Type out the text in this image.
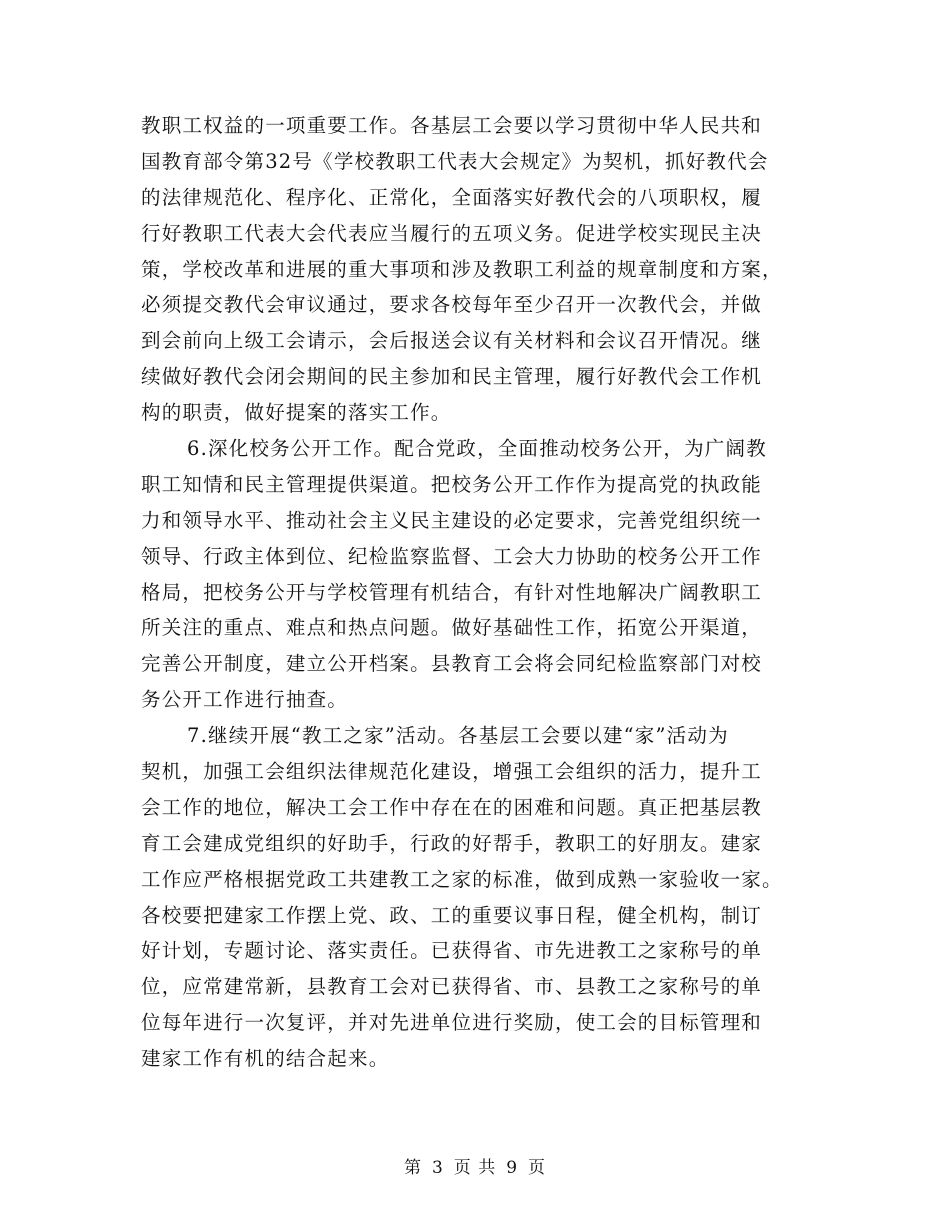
教职工权益的一项重要工作。各基层工会要以学习贯彻中华人民共和
国教育部令第32号《学校教职工代表大会规定》为契机，抓好教代会
的法律规范化、程序化、正常化，全面落实好教代会的八项职权，履
行好教职工代表大会代表应当履行的五项义务。促进学校实现民主决
策，学校改革和进展的重大事项和涉及教职工利益的规章制度和方案，
必须提交教代会审议通过，要求各校每年至少召开一次教代会，并做
到会前向上级工会请示，会后报送会议有关材料和会议召开情况。继
续做好教代会闭会期间的民主参加和民主管理，履行好教代会工作机
构的职责，做好提案的落实工作。
6.深化校务公开工作。配合党政，全面推动校务公开，为广阔教
职工知情和民主管理提供渠道。把校务公开工作作为提高党的执政能
力和领导水平、推动社会主义民主建设的必定要求，完善党组织统一
领导、行政主体到位、纪检监察监督、工会大力协助的校务公开工作
格局，把校务公开与学校管理有机结合，有针对性地解决广阔教职工
所关注的重点、难点和热点问题。做好基础性工作，拓宽公开渠道，
完善公开制度，建立公开档案。县教育工会将会同纪检监察部门对校
务公开工作进行抽查。
7.继续开展“教工之家”活动。各基层工会要以建“家”活动为
契机，加强工会组织法律规范化建设，增强工会组织的活力，提升工
会工作的地位，解决工会工作中存在在的困难和问题。真正把基层教
育工会建成党组织的好助手，行政的好帮手，教职工的好朋友。建家
工作应严格根据党政工共建教工之家的标准，做到成熟一家验收一家。
各校要把建家工作摆上党、政、工的重要议事日程，健全机构，制订
好计划，专题讨论、落实责任。已获得省、市先进教工之家称号的单
位，应常建常新，县教育工会对已获得省、市、县教工之家称号的单
位每年进行一次复评，并对先进单位进行奖励，使工会的目标管理和
建家工作有机的结合起来。
第 3 页 共 9 页
